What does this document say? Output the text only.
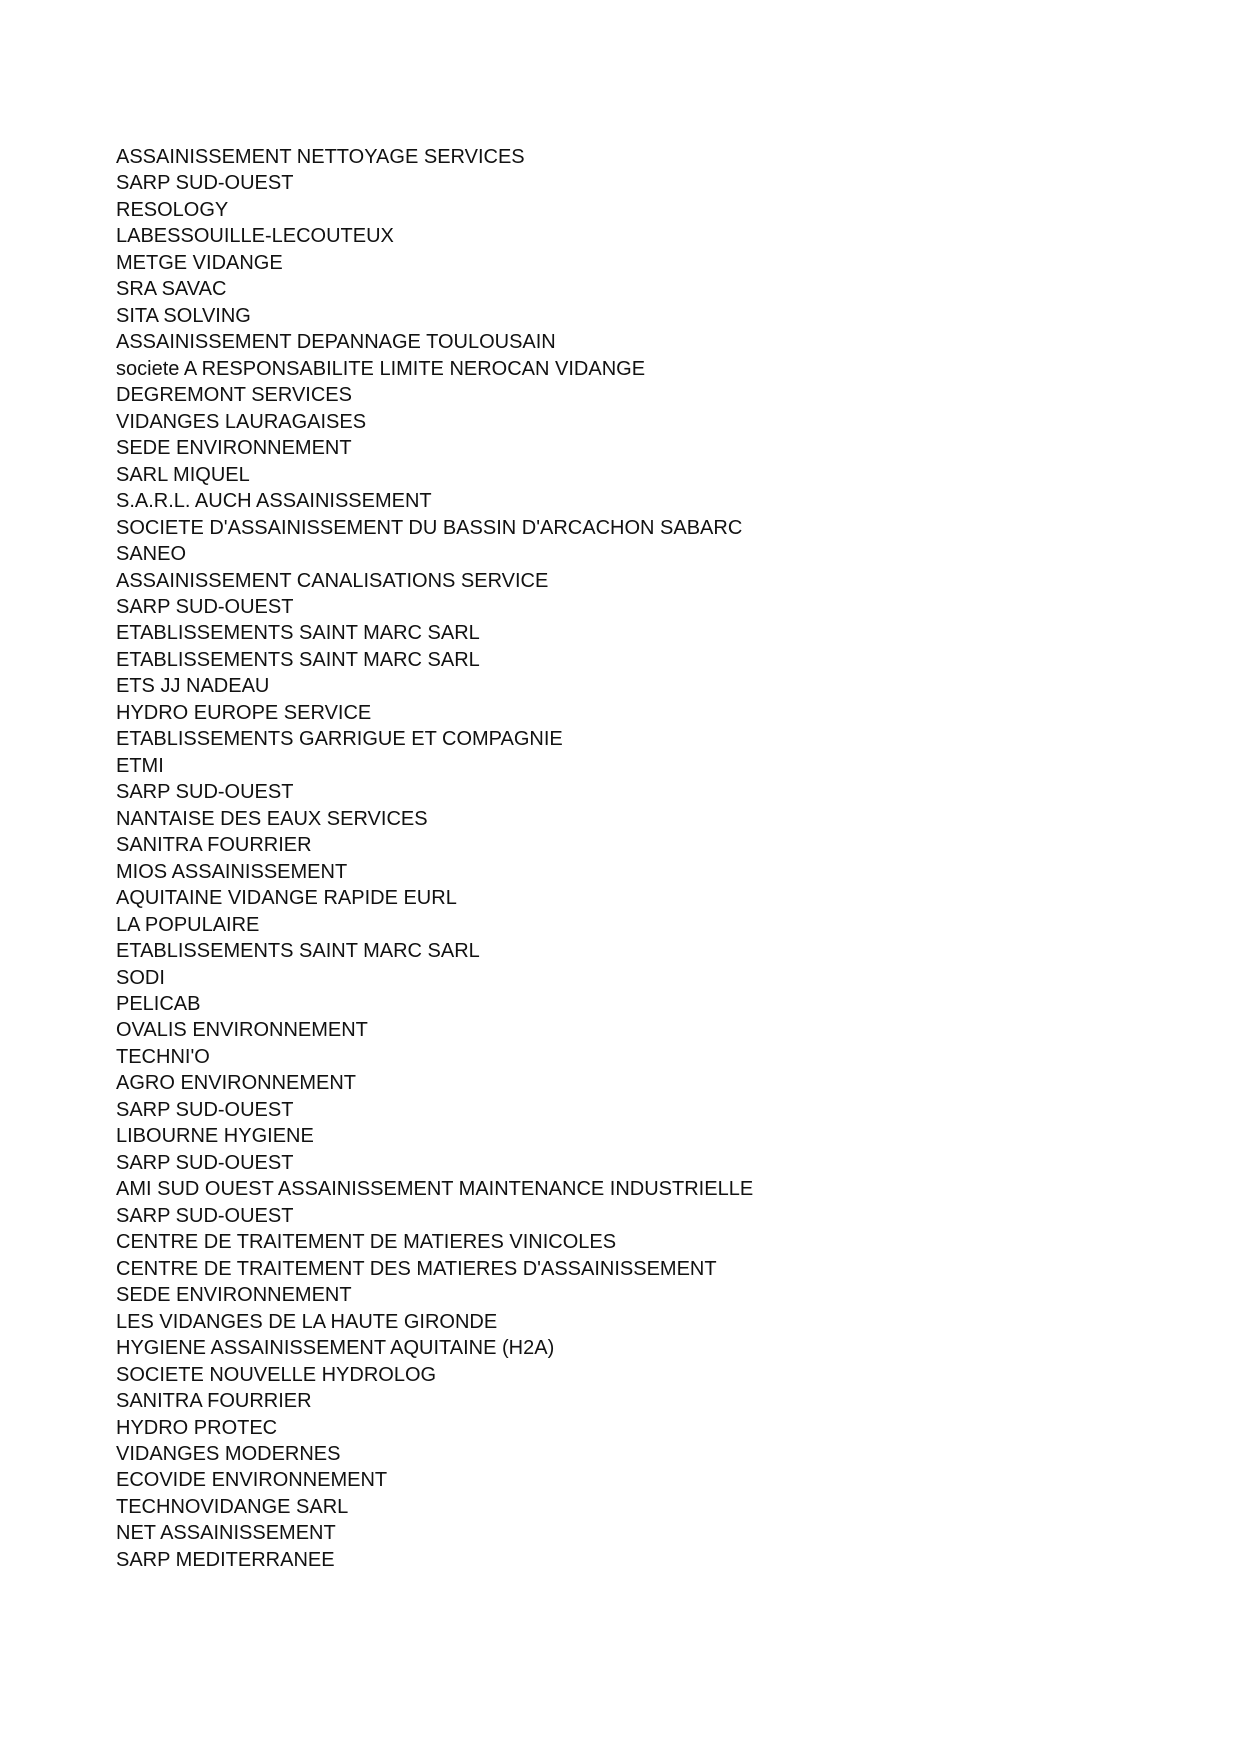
ASSAINISSEMENT NETTOYAGE SERVICES
SARP SUD-OUEST
RESOLOGY
LABESSOUILLE-LECOUTEUX
METGE VIDANGE
SRA SAVAC
SITA SOLVING
ASSAINISSEMENT DEPANNAGE TOULOUSAIN
societe A RESPONSABILITE LIMITE NEROCAN VIDANGE
DEGREMONT SERVICES
VIDANGES LAURAGAISES
SEDE ENVIRONNEMENT
SARL MIQUEL
S.A.R.L. AUCH ASSAINISSEMENT
SOCIETE D'ASSAINISSEMENT DU BASSIN D'ARCACHON SABARC
SANEO
ASSAINISSEMENT CANALISATIONS SERVICE
SARP SUD-OUEST
ETABLISSEMENTS SAINT MARC SARL
ETABLISSEMENTS SAINT MARC SARL
ETS JJ NADEAU
HYDRO EUROPE SERVICE
ETABLISSEMENTS GARRIGUE ET COMPAGNIE
ETMI
SARP SUD-OUEST
NANTAISE DES EAUX SERVICES
SANITRA FOURRIER
MIOS ASSAINISSEMENT
AQUITAINE VIDANGE RAPIDE EURL
LA POPULAIRE
ETABLISSEMENTS SAINT MARC SARL
SODI
PELICAB
OVALIS ENVIRONNEMENT
TECHNI'O
AGRO ENVIRONNEMENT
SARP SUD-OUEST
LIBOURNE HYGIENE
SARP SUD-OUEST
AMI SUD OUEST ASSAINISSEMENT MAINTENANCE INDUSTRIELLE
SARP SUD-OUEST
CENTRE DE TRAITEMENT DE MATIERES VINICOLES
CENTRE DE TRAITEMENT DES MATIERES D'ASSAINISSEMENT
SEDE ENVIRONNEMENT
LES VIDANGES DE LA HAUTE GIRONDE
HYGIENE ASSAINISSEMENT AQUITAINE (H2A)
SOCIETE NOUVELLE HYDROLOG
SANITRA FOURRIER
HYDRO PROTEC
VIDANGES MODERNES
ECOVIDE ENVIRONNEMENT
TECHNOVIDANGE SARL
NET ASSAINISSEMENT
SARP MEDITERRANEE
